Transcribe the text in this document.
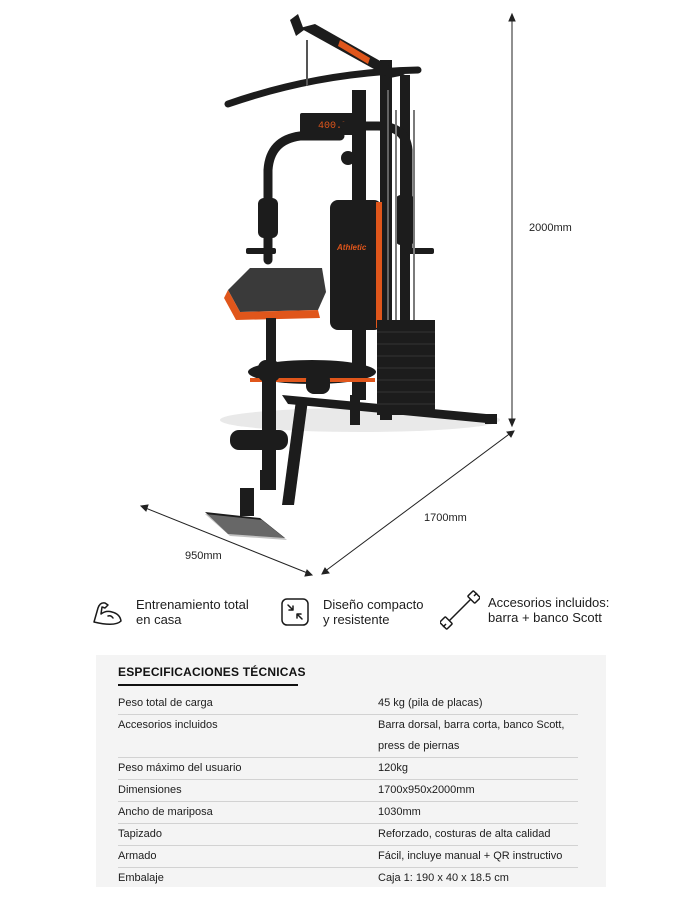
400.7
Athletic
2000mm
1700mm
950mm
Entrenamiento total
en casa
Diseño compacto
y resistente
Accesorios incluidos:
barra + banco Scott
ESPECIFICACIONES TÉCNICAS
Peso total de carga	45 kg (pila de placas)
Accesorios incluidos	Barra dorsal, barra corta, banco Scott,
press de piernas
Peso máximo del usuario	120kg
Dimensiones	1700x950x2000mm
Ancho de mariposa	1030mm
Tapizado	Reforzado, costuras de alta calidad
Armado	Fácil, incluye manual + QR instructivo
Embalaje	Caja 1: 190 x 40 x 18.5 cm
